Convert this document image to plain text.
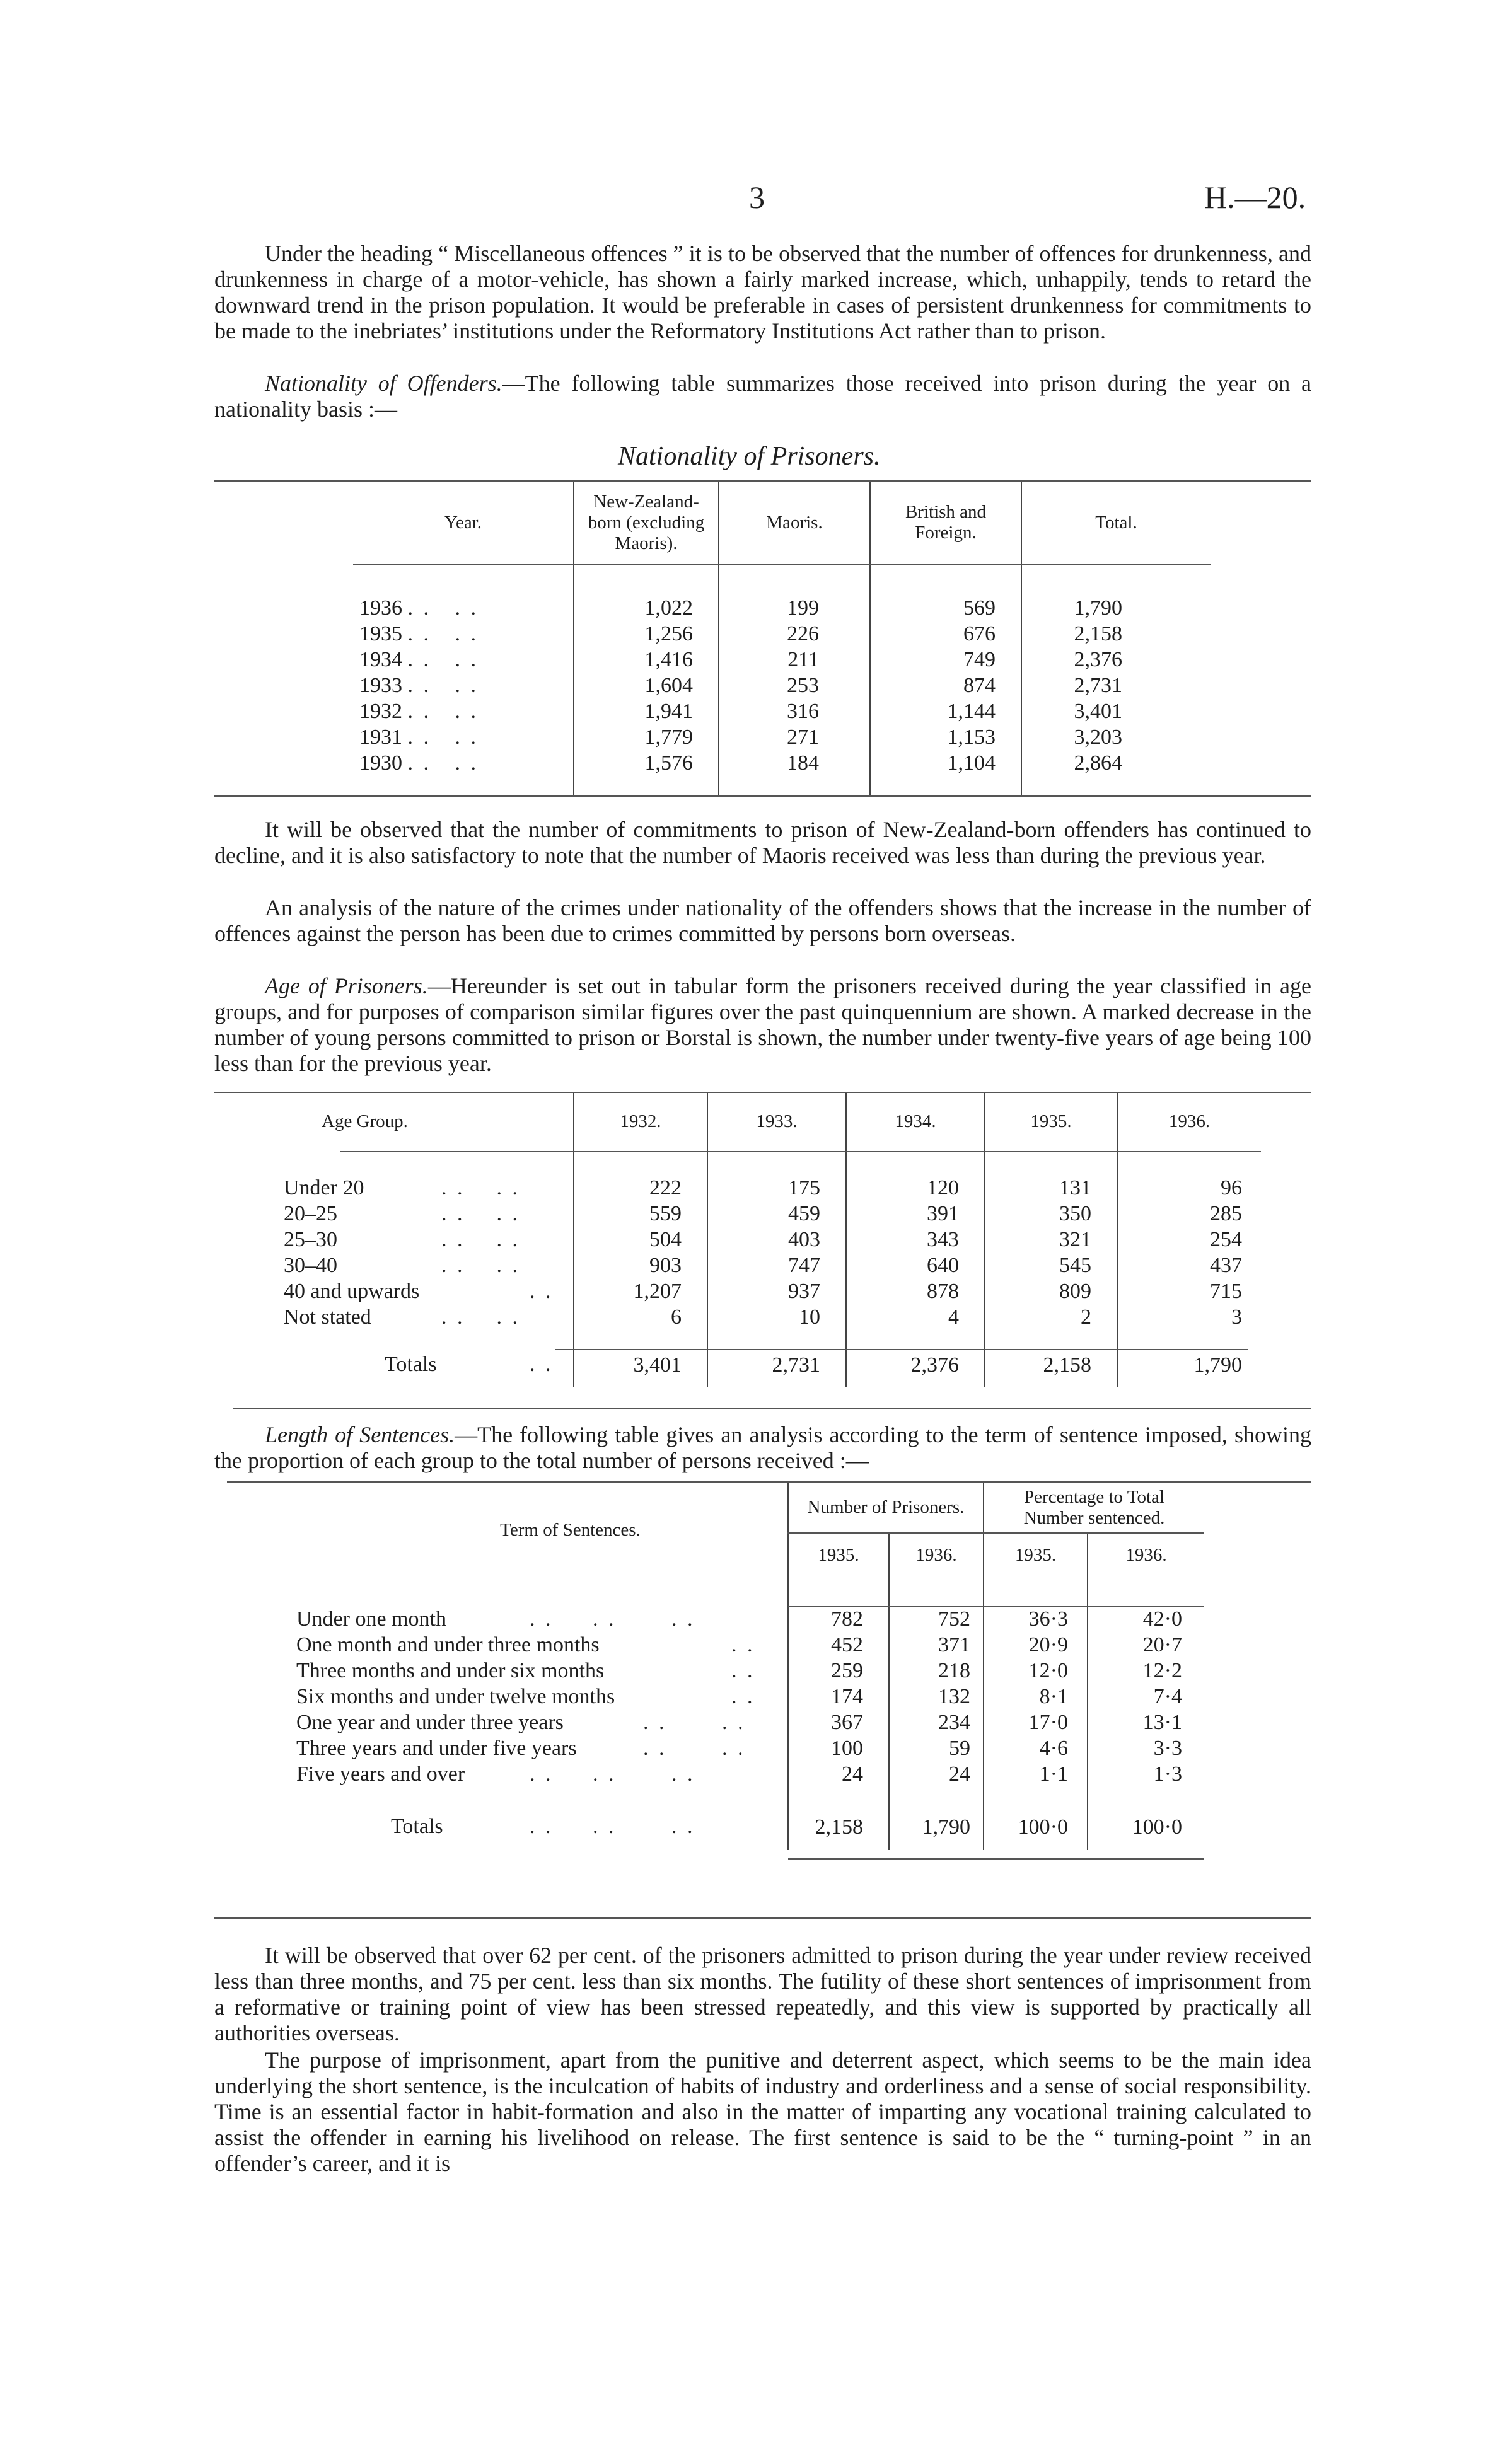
3	H.—20.
Under the heading “ Miscellaneous offences ” it is to be observed that the number of offences for drunkenness, and drunkenness in charge of a motor-vehicle, has shown a fairly marked increase, which, unhappily, tends to retard the downward trend in the prison population. It would be preferable in cases of persistent drunkenness for commitments to be made to the inebriates’ institutions under the Reformatory Institutions Act rather than to prison.
Nationality of Offenders.—The following table summarizes those received into prison during the year on a nationality basis :—
Nationality of Prisoners.
Year.	New-Zealand-born (excluding Maoris).	Maoris.	British and Foreign.	Total.

1936 . .   . .	1,022	199	569	1,790
1935 . .   . .	1,256	226	676	2,158
1934 . .   . .	1,416	211	749	2,376
1933 . .   . .	1,604	253	874	2,731
1932 . .   . .	1,941	316	1,144	3,401
1931 . .   . .	1,779	271	1,153	3,203
1930 . .   . .	1,576	184	1,104	2,864

It will be observed that the number of commitments to prison of New-Zealand-born offenders has continued to decline, and it is also satisfactory to note that the number of Maoris received was less than during the previous year.
An analysis of the nature of the crimes under nationality of the offenders shows that the increase in the number of offences against the person has been due to crimes committed by persons born overseas.
Age of Prisoners.—Hereunder is set out in tabular form the prisoners received during the year classified in age groups, and for purposes of comparison similar figures over the past quinquennium are shown. A marked decrease in the number of young persons committed to prison or Borstal is shown, the number under twenty-five years of age being 100 less than for the previous year.
Age Group.	1932.	1933.	1934.	1935.	1936.

Under 20 . .    . .	222	175	120	131	96
20–25 . .    . .	559	459	391	350	285
25–30 . .    . .	504	403	343	321	254
30–40 . .    . .	903	747	640	545	437
40 and upwards . .	1,207	937	878	809	715
Not stated . .    . .	6	10	4	2	3

Totals . .	3,401	2,731	2,376	2,158	1,790
Length of Sentences.—The following table gives an analysis according to the term of sentence imposed, showing the proportion of each group to the total number of persons received :—
Term of Sentences.	Number of Prisoners.		Percentage to Total Number sentenced.	
	1935.	1936.	1935.	1936.

Under one month . .     . .       . .	782	752	36·3	42·0
One month and under three months . .	452	371	20·9	20·7
Three months and under six months . .	259	218	12·0	12·2
Six months and under twelve months . .	174	132	8·1	7·4
One year and under three years . .       . .	367	234	17·0	13·1
Three years and under five years . .       . .	100	59	4·6	3·3
Five years and over . .     . .       . .	24	24	1·1	1·3

Totals . .     . .       . .	2,158	1,790	100·0	100·0
It will be observed that over 62 per cent. of the prisoners admitted to prison during the year under review received less than three months, and 75 per cent. less than six months. The futility of these short sentences of imprisonment from a reformative or training point of view has been stressed repeatedly, and this view is supported by practically all authorities overseas.
The purpose of imprisonment, apart from the punitive and deterrent aspect, which seems to be the main idea underlying the short sentence, is the inculcation of habits of industry and orderliness and a sense of social responsibility. Time is an essential factor in habit-formation and also in the matter of imparting any vocational training calculated to assist the offender in earning his livelihood on release. The first sentence is said to be the “ turning-point ” in an offender’s career, and it is
